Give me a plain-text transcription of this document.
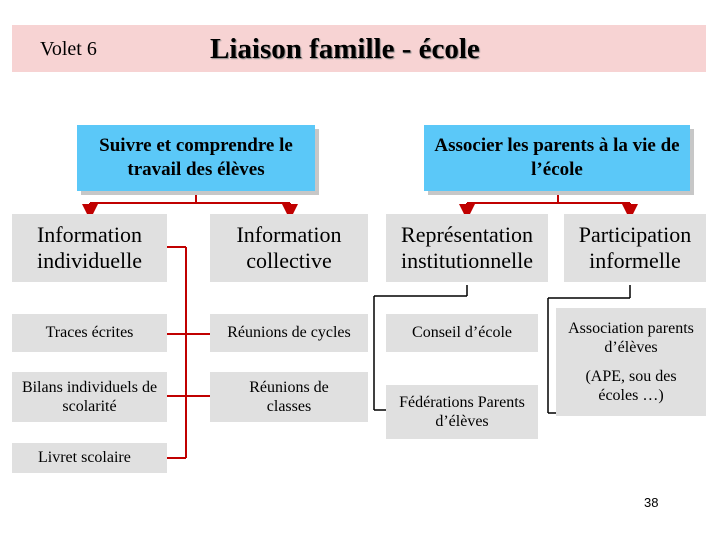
Volet 6	Liaison famille - école
Suivre et comprendre le travail des élèves
Associer les parents à la vie de l’école
Information individuelle
Information collective
Représentation institutionnelle
Participation informelle
Traces écrites
Bilans individuels de scolarité
Livret scolaire
Réunions de cycles
Réunions de classes
Conseil d’école
Fédérations Parents d’élèves
Association parents d’élèves
(APE, sou des écoles …)
38
